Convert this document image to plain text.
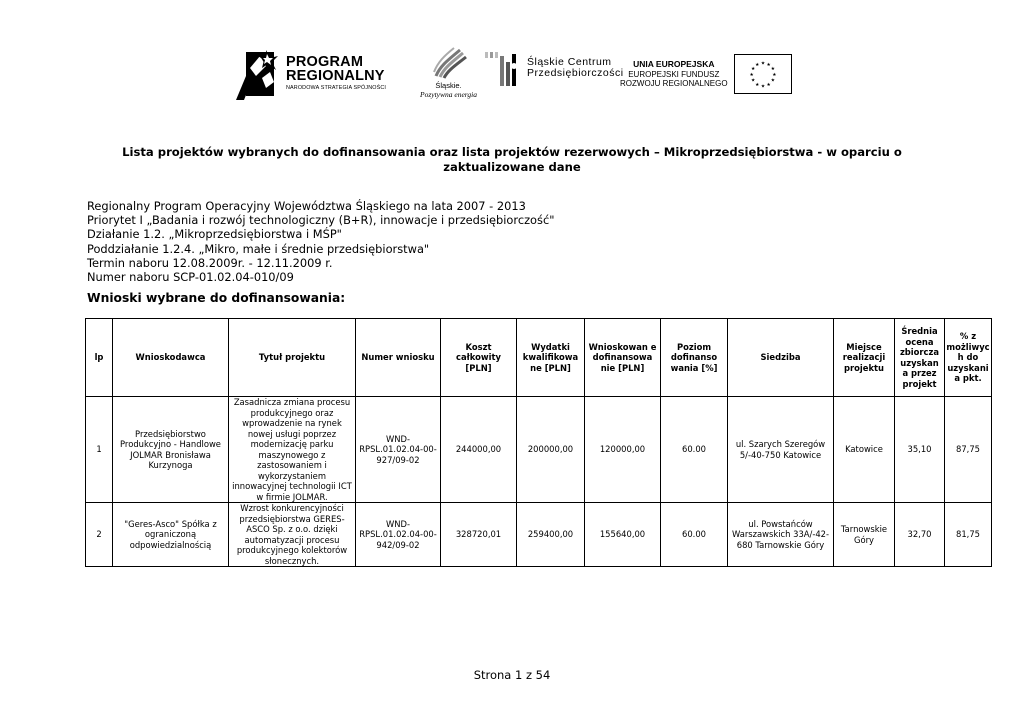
PROGRAM
REGIONALNY
NARODOWA STRATEGIA SPÓJNOŚCI	Śląskie.
Pozytywna energia
Śląskie Centrum
Przedsiębiorczości
UNIA EUROPEJSKA
EUROPEJSKI FUNDUSZ
ROZWOJU REGIONALNEGO
★ ★
★
★
★
★
★
★
★
★
★
★
Lista projektów wybranych do dofinansowania oraz lista projektów rezerwowych – Mikroprzedsiębiorstwa - w oparciu o zaktualizowane dane
Regionalny Program Operacyjny Województwa Śląskiego na lata 2007 - 2013
Priorytet I „Badania i rozwój technologiczny (B+R), innowacje i przedsiębiorczość"
Działanie 1.2. „Mikroprzedsiębiorstwa i MŚP"
Poddziałanie 1.2.4. „Mikro, małe i średnie przedsiębiorstwa"
Termin naboru 12.08.2009r. - 12.11.2009 r.
Numer naboru SCP-01.02.04-010/09
Wnioski wybrane do dofinansowania:
lp	Wnioskodawca	Tytuł projektu	Numer wniosku	Koszt całkowity [PLN]	Wydatki kwalifikowa ne [PLN]	Wnioskowan e dofinansowa nie [PLN]	Poziom dofinanso wania [%]	Siedziba	Miejsce realizacji projektu	Średnia ocena zbiorcza uzyskan a przez projekt	% z możliwych do uzyskania pkt.
1	Przedsiębiorstwo Produkcyjno - Handlowe JOLMAR Bronisława Kurzynoga	Zasadnicza zmiana procesu produkcyjnego oraz wprowadzenie na rynek nowej usługi poprzez modernizację parku maszynowego z zastosowaniem i wykorzystaniem innowacyjnej technologii ICT w firmie JOLMAR.	WND-RPSL.01.02.04-00-927/09-02	244000,00	200000,00	120000,00	60.00	ul. Szarych Szeregów 5/-40-750 Katowice	Katowice	35,10	87,75
2	"Geres-Asco" Spółka z ograniczoną odpowiedzialnością	Wzrost konkurencyjności przedsiębiorstwa GERES-ASCO Sp. z o.o. dzięki automatyzacji procesu produkcyjnego kolektorów słonecznych.	WND-RPSL.01.02.04-00-942/09-02	328720,01	259400,00	155640,00	60.00	ul. Powstańców Warszawskich 33A/-42-680 Tarnowskie Góry	Tarnowskie Góry	32,70	81,75
Strona 1 z 54
